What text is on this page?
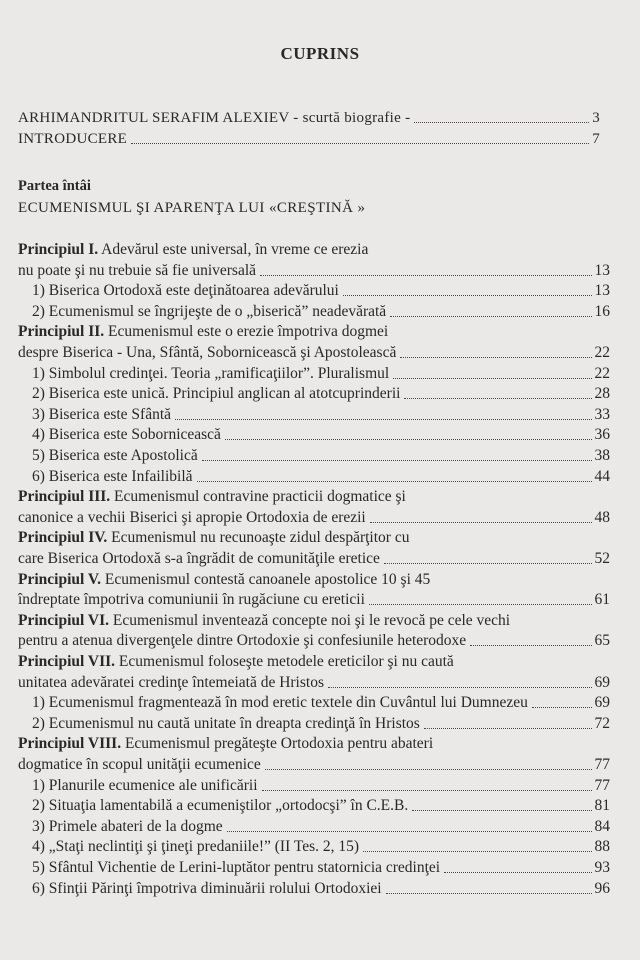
CUPRINS
ARHIMANDRITUL SERAFIM ALEXIEV - scurtă biografie -	3
INTRODUCERE	7
Partea întâi
ECUMENISMUL ŞI APARENŢA LUI «CREŞTINĂ »
Principiul I. Adevărul este universal, în vreme ce erezia
nu poate şi nu trebuie să fie universală	13
1) Biserica Ortodoxă este deţinătoarea adevărului	13
2) Ecumenismul se îngrijeşte de o „biserică” neadevărată	16
Principiul II. Ecumenismul este o erezie împotriva dogmei
despre Biserica - Una, Sfântă, Sobornicească şi Apostolească	22
1) Simbolul credinţei. Teoria „ramificaţiilor”. Pluralismul	22
2) Biserica este unică. Principiul anglican al atotcuprinderii	28
3) Biserica este Sfântă	33
4) Biserica este Sobornicească	36
5) Biserica este Apostolică	38
6) Biserica este Infailibilă	44
Principiul III. Ecumenismul contravine practicii dogmatice şi
canonice a vechii Biserici şi apropie Ortodoxia de erezii	48
Principiul IV. Ecumenismul nu recunoaşte zidul despărţitor cu
care Biserica Ortodoxă s-a îngrădit de comunităţile eretice	52
Principiul V. Ecumenismul contestă canoanele apostolice 10 şi 45
îndreptate împotriva comuniunii în rugăciune cu ereticii	61
Principiul VI. Ecumenismul inventează concepte noi şi le revocă pe cele vechi
pentru a atenua divergenţele dintre Ortodoxie şi confesiunile heterodoxe	65
Principiul VII. Ecumenismul foloseşte metodele ereticilor şi nu caută
unitatea adevăratei credinţe întemeiată de Hristos	69
1) Ecumenismul fragmentează în mod eretic textele din Cuvântul lui Dumnezeu	69
2) Ecumenismul nu caută unitate în dreapta credinţă în Hristos	72
Principiul VIII. Ecumenismul pregăteşte Ortodoxia pentru abateri
dogmatice în scopul unităţii ecumenice	77
1) Planurile ecumenice ale unificării	77
2) Situaţia lamentabilă a ecumeniştilor „ortodocşi” în C.E.B.	81
3) Primele abateri de la dogme	84
4) „Staţi neclintiţi şi ţineţi predaniile!” (II Tes. 2, 15)	88
5) Sfântul Vichentie de Lerini-luptător pentru statornicia credinţei	93
6) Sfinţii Părinţi împotriva diminuării rolului Ortodoxiei	96
